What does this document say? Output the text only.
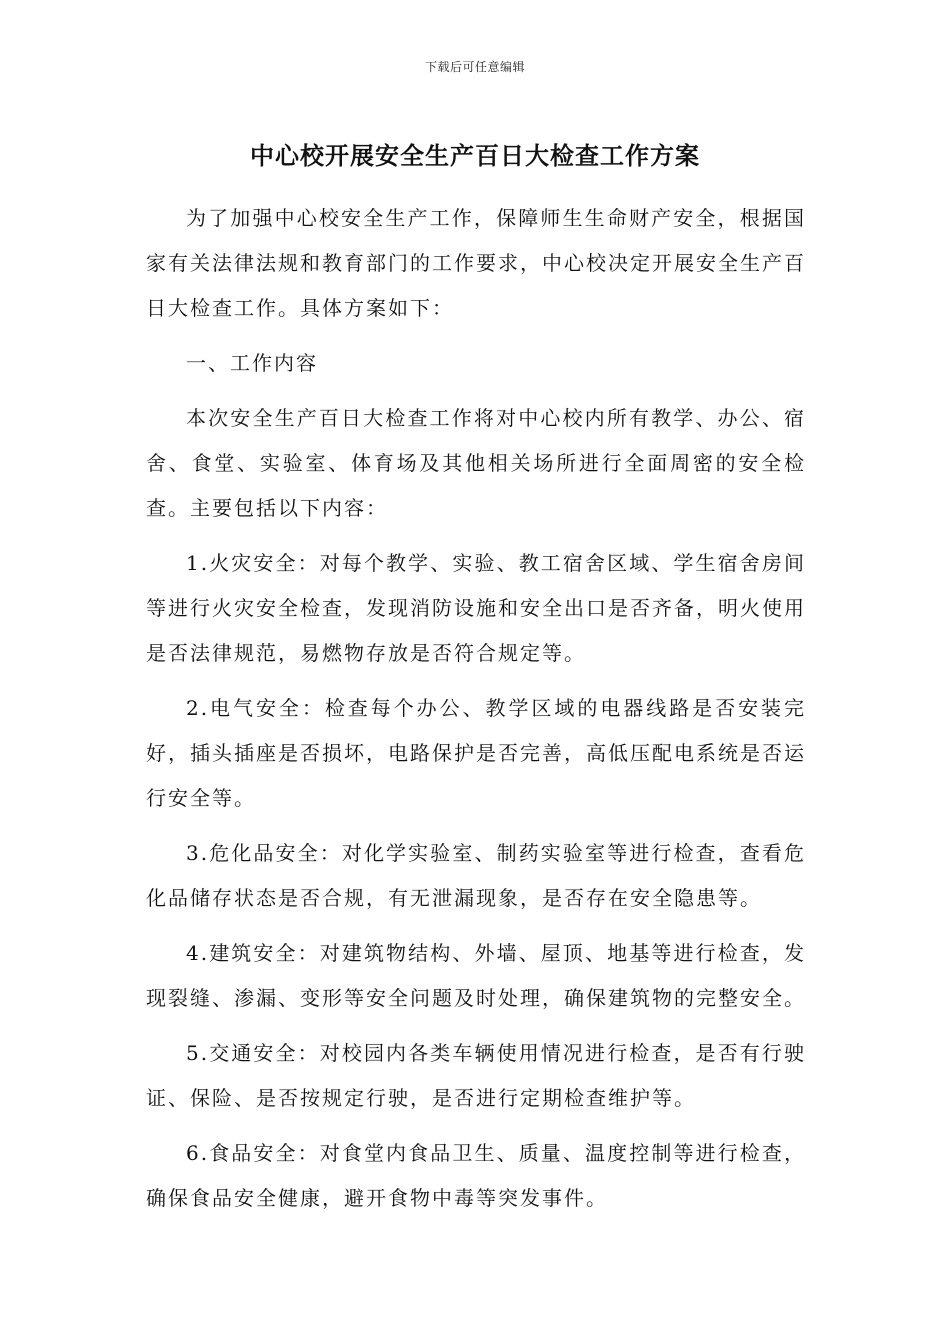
下载后可任意编辑
中心校开展安全生产百日大检查工作方案

为了加强中心校安全生产工作，保障师生生命财产安全，根据国家有关法律法规和教育部门的工作要求，中心校决定开展安全生产百日大检查工作。具体方案如下：

一、工作内容

本次安全生产百日大检查工作将对中心校内所有教学、办公、宿舍、食堂、实验室、体育场及其他相关场所进行全面周密的安全检查。主要包括以下内容：

1.火灾安全：对每个教学、实验、教工宿舍区域、学生宿舍房间等进行火灾安全检查，发现消防设施和安全出口是否齐备，明火使用是否法律规范，易燃物存放是否符合规定等。

2.电气安全：检查每个办公、教学区域的电器线路是否安装完好，插头插座是否损坏，电路保护是否完善，高低压配电系统是否运行安全等。

3.危化品安全：对化学实验室、制药实验室等进行检查，查看危化品储存状态是否合规，有无泄漏现象，是否存在安全隐患等。

4.建筑安全：对建筑物结构、外墙、屋顶、地基等进行检查，发现裂缝、渗漏、变形等安全问题及时处理，确保建筑物的完整安全。

5.交通安全：对校园内各类车辆使用情况进行检查，是否有行驶证、保险、是否按规定行驶，是否进行定期检查维护等。

6.食品安全：对食堂内食品卫生、质量、温度控制等进行检查，确保食品安全健康，避开食物中毒等突发事件。
